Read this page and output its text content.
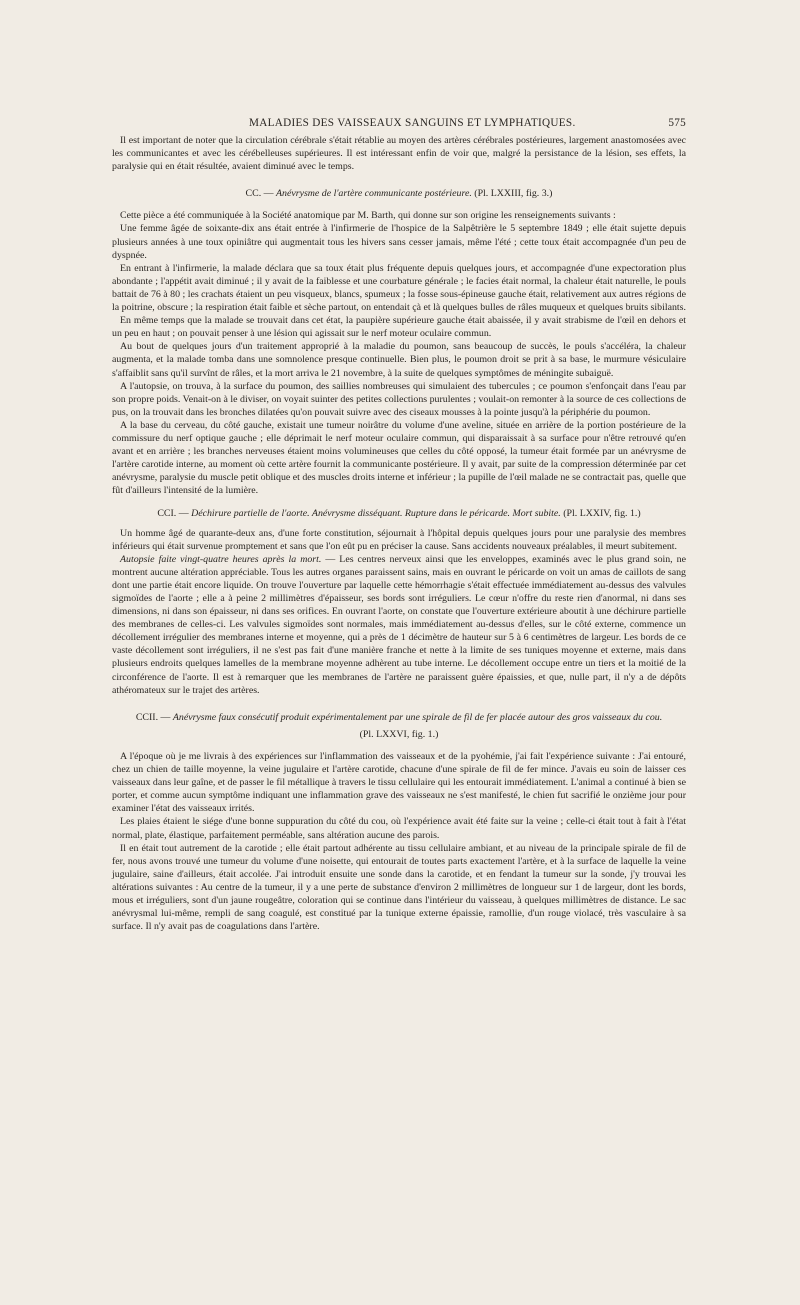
MALADIES DES VAISSEAUX SANGUINS ET LYMPHATIQUES.	575

Il est important de noter que la circulation cérébrale s'était rétablie au moyen des artères cérébrales postérieures, largement anastomosées avec les communicantes et avec les cérébelleuses supérieures. Il est intéressant enfin de voir que, malgré la persistance de la lésion, ses effets, la paralysie qui en était résultée, avaient diminué avec le temps.

CC. — Anévrysme de l'artère communicante postérieure. (Pl. LXXIII, fig. 3.)

Cette pièce a été communiquée à la Société anatomique par M. Barth, qui donne sur son origine les renseignements suivants :

Une femme âgée de soixante-dix ans était entrée à l'infirmerie de l'hospice de la Salpêtrière le 5 septembre 1849 ; elle était sujette depuis plusieurs années à une toux opiniâtre qui augmentait tous les hivers sans cesser jamais, même l'été ; cette toux était accompagnée d'un peu de dyspnée.

En entrant à l'infirmerie, la malade déclara que sa toux était plus fréquente depuis quelques jours, et accompagnée d'une expectoration plus abondante ; l'appétit avait diminué ; il y avait de la faiblesse et une courbature générale ; le facies était normal, la chaleur était naturelle, le pouls battait de 76 à 80 ; les crachats étaient un peu visqueux, blancs, spumeux ; la fosse sous-épineuse gauche était, relativement aux autres régions de la poitrine, obscure ; la respiration était faible et sèche partout, on entendait çà et là quelques bulles de râles muqueux et quelques bruits sibilants.

En même temps que la malade se trouvait dans cet état, la paupière supérieure gauche était abaissée, il y avait strabisme de l'œil en dehors et un peu en haut ; on pouvait penser à une lésion qui agissait sur le nerf moteur oculaire commun.

Au bout de quelques jours d'un traitement approprié à la maladie du poumon, sans beaucoup de succès, le pouls s'accéléra, la chaleur augmenta, et la malade tomba dans une somnolence presque continuelle. Bien plus, le poumon droit se prit à sa base, le murmure vésiculaire s'affaiblit sans qu'il survînt de râles, et la mort arriva le 21 novembre, à la suite de quelques symptômes de méningite subaiguë.

A l'autopsie, on trouva, à la surface du poumon, des saillies nombreuses qui simulaient des tubercules ; ce poumon s'enfonçait dans l'eau par son propre poids. Venait-on à le diviser, on voyait suinter des petites collections purulentes ; voulait-on remonter à la source de ces collections de pus, on la trouvait dans les bronches dilatées qu'on pouvait suivre avec des ciseaux mousses à la pointe jusqu'à la périphérie du poumon.

A la base du cerveau, du côté gauche, existait une tumeur noirâtre du volume d'une aveline, située en arrière de la portion postérieure de la commissure du nerf optique gauche ; elle déprimait le nerf moteur oculaire commun, qui disparaissait à sa surface pour n'être retrouvé qu'en avant et en arrière ; les branches nerveuses étaient moins volumineuses que celles du côté opposé, la tumeur était formée par un anévrysme de l'artère carotide interne, au moment où cette artère fournit la communicante postérieure. Il y avait, par suite de la compression déterminée par cet anévrysme, paralysie du muscle petit oblique et des muscles droits interne et inférieur ; la pupille de l'œil malade ne se contractait pas, quelle que fût d'ailleurs l'intensité de la lumière.

CCI. — Déchirure partielle de l'aorte. Anévrysme disséquant. Rupture dans le péricarde. Mort subite. (Pl. LXXIV, fig. 1.)

Un homme âgé de quarante-deux ans, d'une forte constitution, séjournait à l'hôpital depuis quelques jours pour une paralysie des membres inférieurs qui était survenue promptement et sans que l'on eût pu en préciser la cause. Sans accidents nouveaux préalables, il meurt subitement.

Autopsie faite vingt-quatre heures après la mort. — Les centres nerveux ainsi que les enveloppes, examinés avec le plus grand soin, ne montrent aucune altération appréciable. Tous les autres organes paraissent sains, mais en ouvrant le péricarde on voit un amas de caillots de sang dont une partie était encore liquide. On trouve l'ouverture par laquelle cette hémorrhagie s'était effectuée immédiatement au-dessus des valvules sigmoïdes de l'aorte ; elle a à peine 2 millimètres d'épaisseur, ses bords sont irréguliers. Le cœur n'offre du reste rien d'anormal, ni dans ses dimensions, ni dans son épaisseur, ni dans ses orifices. En ouvrant l'aorte, on constate que l'ouverture extérieure aboutit à une déchirure partielle des membranes de celles-ci. Les valvules sigmoïdes sont normales, mais immédiatement au-dessus d'elles, sur le côté externe, commence un décollement irrégulier des membranes interne et moyenne, qui a près de 1 décimètre de hauteur sur 5 à 6 centimètres de largeur. Les bords de ce vaste décollement sont irréguliers, il ne s'est pas fait d'une manière franche et nette à la limite de ses tuniques moyenne et externe, mais dans plusieurs endroits quelques lamelles de la membrane moyenne adhèrent au tube interne. Le décollement occupe entre un tiers et la moitié de la circonférence de l'aorte. Il est à remarquer que les membranes de l'artère ne paraissent guère épaissies, et que, nulle part, il n'y a de dépôts athéromateux sur le trajet des artères.

CCII. — Anévrysme faux consécutif produit expérimentalement par une spirale de fil de fer placée autour des gros vaisseaux du cou.

(Pl. LXXVI, fig. 1.)

A l'époque où je me livrais à des expériences sur l'inflammation des vaisseaux et de la pyohémie, j'ai fait l'expérience suivante : J'ai entouré, chez un chien de taille moyenne, la veine jugulaire et l'artère carotide, chacune d'une spirale de fil de fer mince. J'avais eu soin de laisser ces vaisseaux dans leur gaîne, et de passer le fil métallique à travers le tissu cellulaire qui les entourait immédiatement. L'animal a continué à bien se porter, et comme aucun symptôme indiquant une inflammation grave des vaisseaux ne s'est manifesté, le chien fut sacrifié le onzième jour pour examiner l'état des vaisseaux irrités.

Les plaies étaient le siége d'une bonne suppuration du côté du cou, où l'expérience avait été faite sur la veine ; celle-ci était tout à fait à l'état normal, plate, élastique, parfaitement perméable, sans altération aucune des parois.

Il en était tout autrement de la carotide ; elle était partout adhérente au tissu cellulaire ambiant, et au niveau de la principale spirale de fil de fer, nous avons trouvé une tumeur du volume d'une noisette, qui entourait de toutes parts exactement l'artère, et à la surface de laquelle la veine jugulaire, saine d'ailleurs, était accolée. J'ai introduit ensuite une sonde dans la carotide, et en fendant la tumeur sur la sonde, j'y trouvai les altérations suivantes : Au centre de la tumeur, il y a une perte de substance d'environ 2 millimètres de longueur sur 1 de largeur, dont les bords, mous et irréguliers, sont d'un jaune rougeâtre, coloration qui se continue dans l'intérieur du vaisseau, à quelques millimètres de distance. Le sac anévrysmal lui-même, rempli de sang coagulé, est constitué par la tunique externe épaissie, ramollie, d'un rouge violacé, très vasculaire à sa surface. Il n'y avait pas de coagulations dans l'artère.
